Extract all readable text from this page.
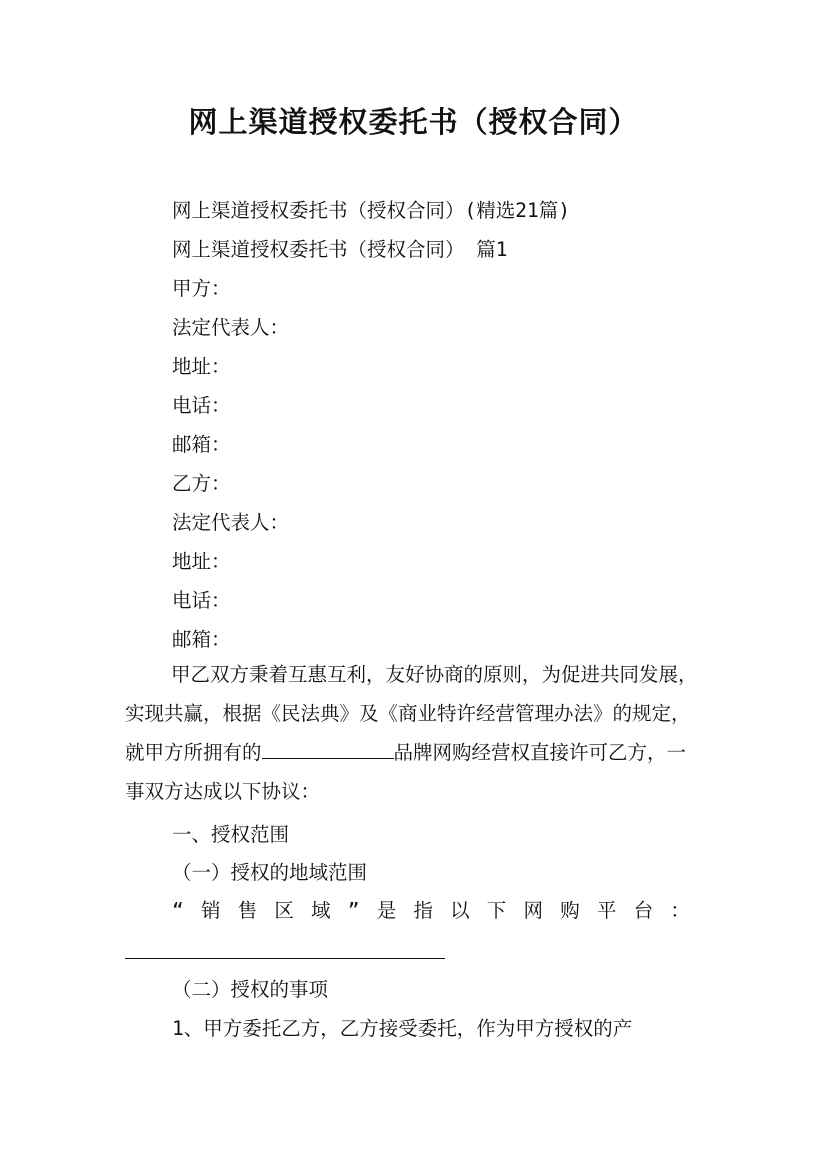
网上渠道授权委托书（授权合同）
网上渠道授权委托书（授权合同）(精选21篇)
网上渠道授权委托书（授权合同） 篇1
甲方：
法定代表人：
地址：
电话：
邮箱：
乙方：
法定代表人：
地址：
电话：
邮箱：
甲乙双方秉着互惠互利，友好协商的原则，为促进共同发展，实现共赢，根据《民法典》及《商业特许经营管理办法》的规定，就甲方所拥有的	品牌网购经营权直接许可乙方，一事双方达成以下协议：
一、授权范围
（一）授权的地域范围
“ 销 售 区 域 ” 是 指 以 下 网 购 平 台 ：
（二）授权的事项
1、甲方委托乙方，乙方接受委托，作为甲方授权的产
